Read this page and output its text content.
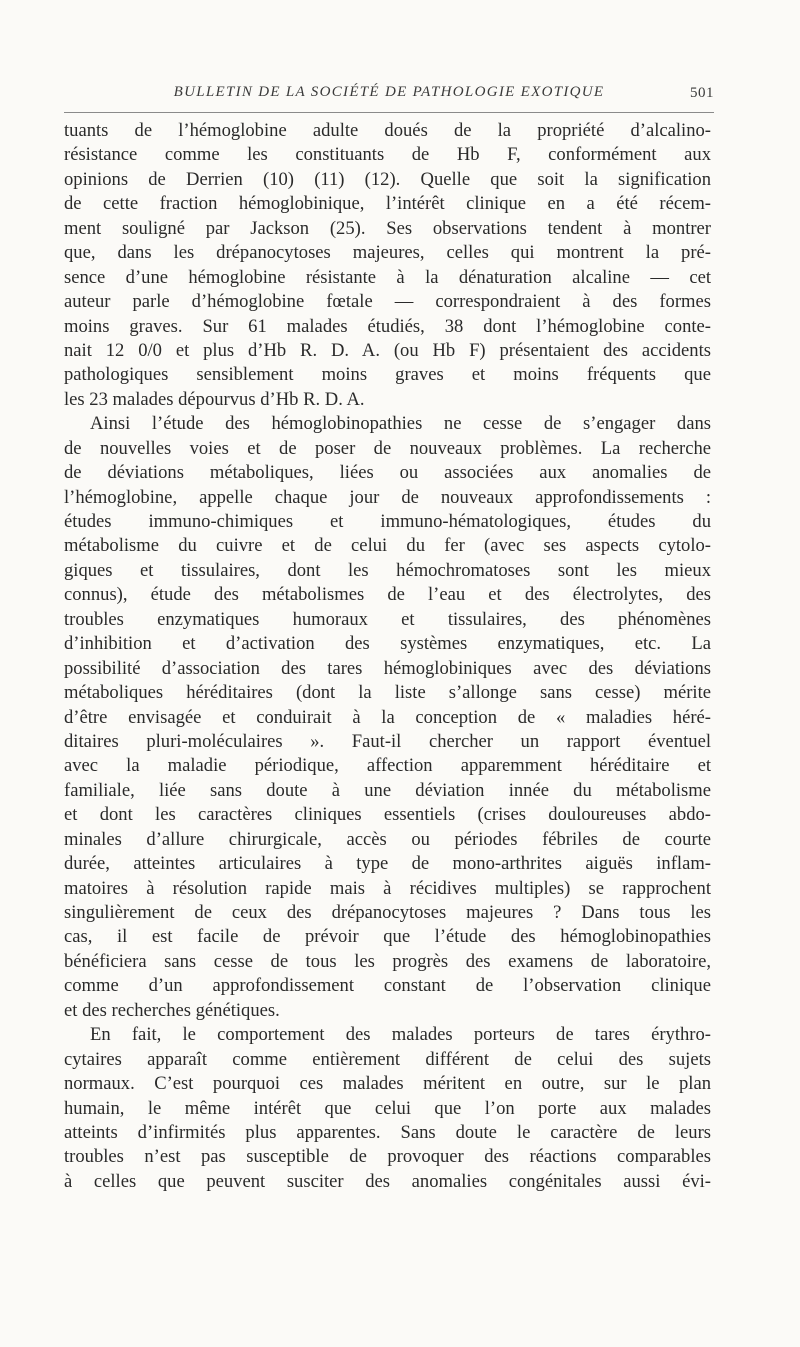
BULLETIN DE LA SOCIÉTÉ DE PATHOLOGIE EXOTIQUE	501
tuants de l’hémoglobine adulte doués de la propriété d’alcalino-
résistance comme les constituants de Hb F, conformément aux
opinions de Derrien (10) (11) (12). Quelle que soit la signification
de cette fraction hémoglobinique, l’intérêt clinique en a été récem-
ment souligné par Jackson (25). Ses observations tendent à montrer
que, dans les drépanocytoses majeures, celles qui montrent la pré-
sence d’une hémoglobine résistante à la dénaturation alcaline — cet
auteur parle d’hémoglobine fœtale — correspondraient à des formes
moins graves. Sur 61 malades étudiés, 38 dont l’hémoglobine conte-
nait 12 0/0 et plus d’Hb R. D. A. (ou Hb F) présentaient des accidents
pathologiques sensiblement moins graves et moins fréquents que
les 23 malades dépourvus d’Hb R. D. A.
Ainsi l’étude des hémoglobinopathies ne cesse de s’engager dans
de nouvelles voies et de poser de nouveaux problèmes. La recherche
de déviations métaboliques, liées ou associées aux anomalies de
l’hémoglobine, appelle chaque jour de nouveaux approfondissements :
études immuno-chimiques et immuno-hématologiques, études du
métabolisme du cuivre et de celui du fer (avec ses aspects cytolo-
giques et tissulaires, dont les hémochromatoses sont les mieux
connus), étude des métabolismes de l’eau et des électrolytes, des
troubles enzymatiques humoraux et tissulaires, des phénomènes
d’inhibition et d’activation des systèmes enzymatiques, etc. La
possibilité d’association des tares hémoglobiniques avec des déviations
métaboliques héréditaires (dont la liste s’allonge sans cesse) mérite
d’être envisagée et conduirait à la conception de « maladies héré-
ditaires pluri-moléculaires ». Faut-il chercher un rapport éventuel
avec la maladie périodique, affection apparemment héréditaire et
familiale, liée sans doute à une déviation innée du métabolisme
et dont les caractères cliniques essentiels (crises douloureuses abdo-
minales d’allure chirurgicale, accès ou périodes fébriles de courte
durée, atteintes articulaires à type de mono-arthrites aiguës inflam-
matoires à résolution rapide mais à récidives multiples) se rapprochent
singulièrement de ceux des drépanocytoses majeures ? Dans tous les
cas, il est facile de prévoir que l’étude des hémoglobinopathies
bénéficiera sans cesse de tous les progrès des examens de laboratoire,
comme d’un approfondissement constant de l’observation clinique
et des recherches génétiques.
En fait, le comportement des malades porteurs de tares érythro-
cytaires apparaît comme entièrement différent de celui des sujets
normaux. C’est pourquoi ces malades méritent en outre, sur le plan
humain, le même intérêt que celui que l’on porte aux malades
atteints d’infirmités plus apparentes. Sans doute le caractère de leurs
troubles n’est pas susceptible de provoquer des réactions comparables
à celles que peuvent susciter des anomalies congénitales aussi évi-
